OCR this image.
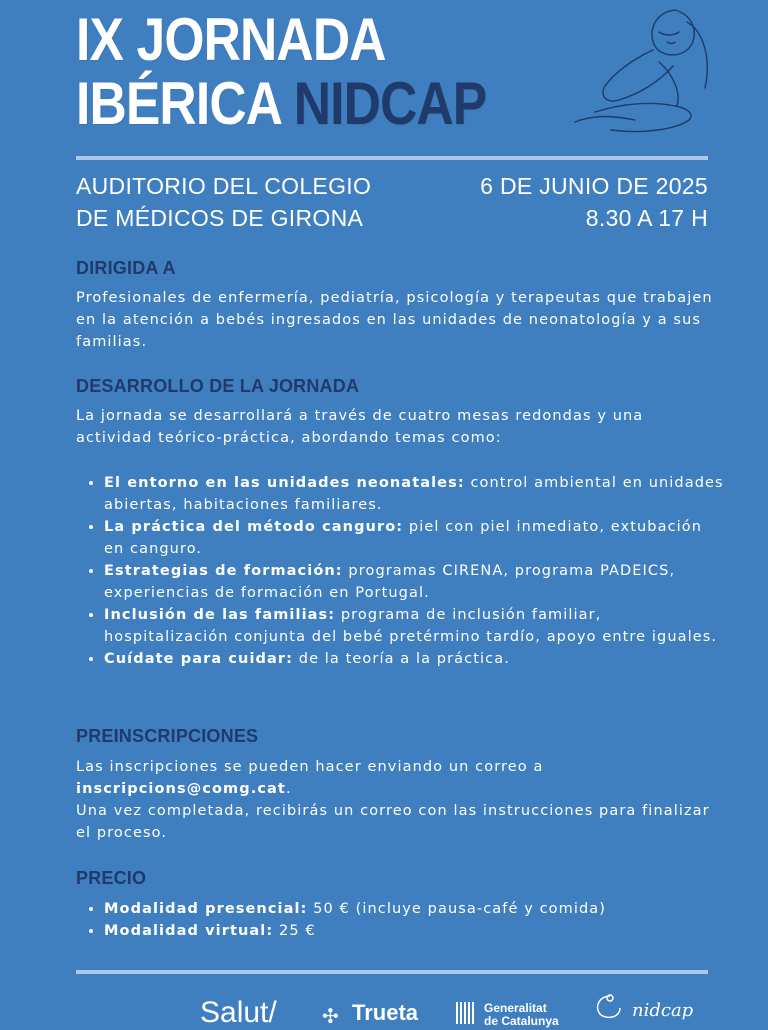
IX JORNADA
IBÉRICA NIDCAP

AUDITORIO DEL COLEGIO
DE MÉDICOS DE GIRONA

6 DE JUNIO DE 2025
8.30 A 17 H

DIRIGIDA A

Profesionales de enfermería, pediatría, psicología y terapeutas que trabajen en la atención a bebés ingresados en las unidades de neonatología y a sus familias.

DESARROLLO DE LA JORNADA

La jornada se desarrollará a través de cuatro mesas redondas y una actividad teórico-práctica, abordando temas como:

• El entorno en las unidades neonatales: control ambiental en unidades abiertas, habitaciones familiares.
• La práctica del método canguro: piel con piel inmediato, extubación en canguro.
• Estrategias de formación: programas CIRENA, programa PADEICS, experiencias de formación en Portugal.
• Inclusión de las familias: programa de inclusión familiar, hospitalización conjunta del bebé pretérmino tardío, apoyo entre iguales.
• Cuídate para cuidar: de la teoría a la práctica.
PREINSCRIPCIONES

Las inscripciones se pueden hacer enviando un correo a
inscripcions@comg.cat.
Una vez completada, recibirás un correo con las instrucciones para finalizar el proceso.

PRECIO
• Modalidad presencial: 50 € (incluye pausa-café y comida)
• Modalidad virtual: 25 €
Salut/ ✣ Trueta	Generalitat
de Catalunya	nidcap
